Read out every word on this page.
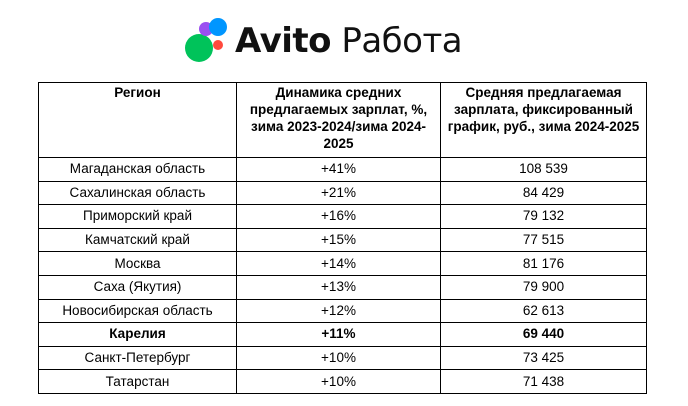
Avito Работа
Регион	Динамика средних предлагаемых зарплат, %, зима 2023-2024/зима 2024-2025	Средняя предлагаемая зарплата, фиксированный график, руб., зима 2024-2025
Магаданская область	+41%	108 539
Сахалинская область	+21%	84 429
Приморский край	+16%	79 132
Камчатский край	+15%	77 515
Москва	+14%	81 176
Саха (Якутия)	+13%	79 900
Новосибирская область	+12%	62 613
Карелия	+11%	69 440
Санкт-Петербург	+10%	73 425
Татарстан	+10%	71 438
